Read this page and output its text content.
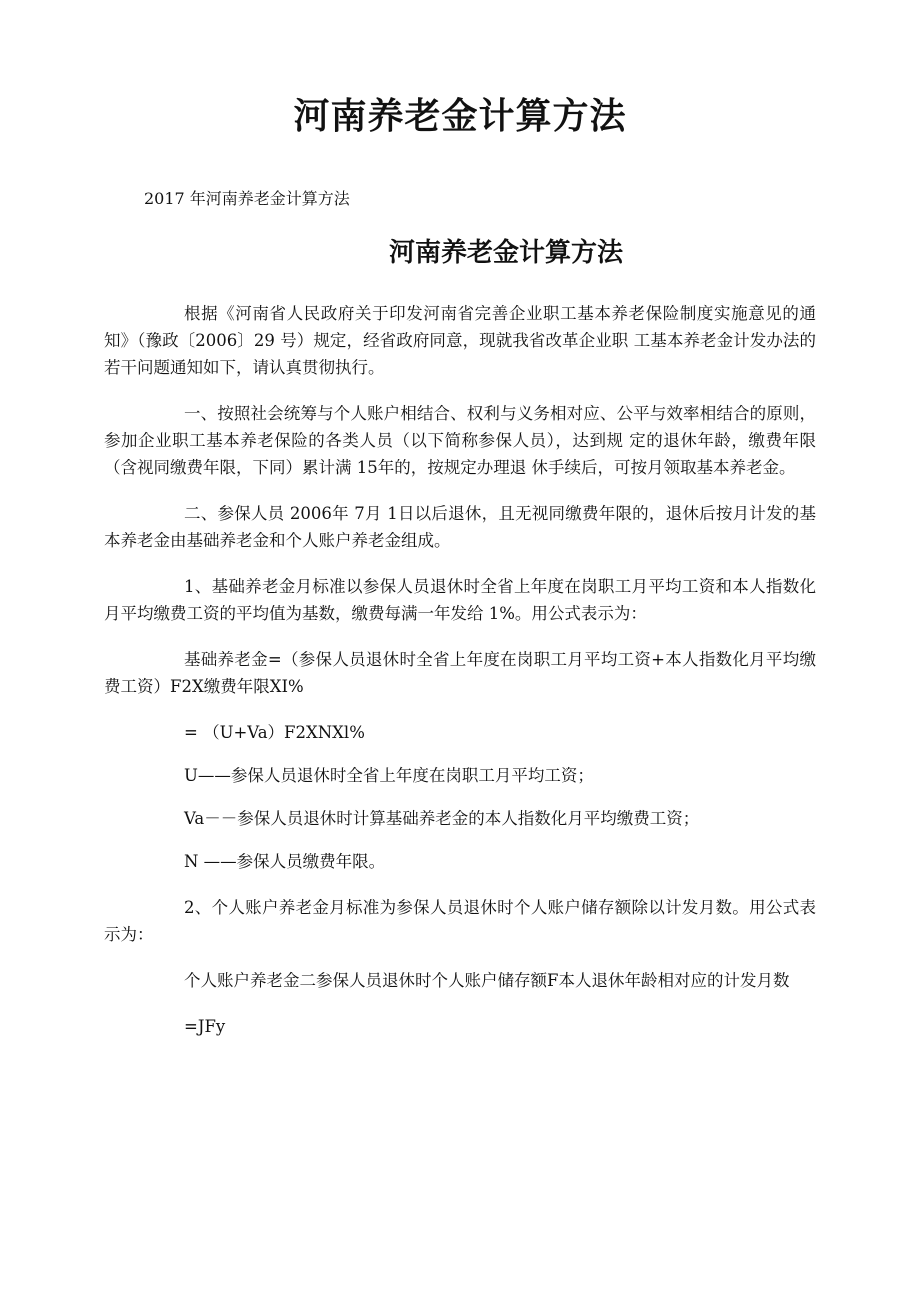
河南养老金计算方法

2017 年河南养老金计算方法

河南养老金计算方法

根据《河南省人民政府关于印发河南省完善企业职工基本养老保险制度实施意见的通知》（豫政〔2006〕29 号）规定，经省政府同意，现就我省改革企业职 工基本养老金计发办法的若干问题通知如下，请认真贯彻执行。

一、按照社会统筹与个人账户相结合、权利与义务相对应、公平与效率相结合的原则，参加企业职工基本养老保险的各类人员（以下简称参保人员），达到规 定的退休年龄，缴费年限（含视同缴费年限，下同）累计满 15年的，按规定办理退 休手续后，可按月领取基本养老金。

二、参保人员 2006年 7月 1日以后退休，且无视同缴费年限的，退休后按月计发的基本养老金由基础养老金和个人账户养老金组成。

1、基础养老金月标准以参保人员退休时全省上年度在岗职工月平均工资和本人指数化月平均缴费工资的平均值为基数，缴费每满一年发给 1%。用公式表示为：

基础养老金=（参保人员退休时全省上年度在岗职工月平均工资+本人指数化月平均缴费工资）F2X缴费年限XI%

= （U+Va）F2XNXl%

U——参保人员退休时全省上年度在岗职工月平均工资；

Va－－参保人员退休时计算基础养老金的本人指数化月平均缴费工资；

N ——参保人员缴费年限。

2、个人账户养老金月标准为参保人员退休时个人账户储存额除以计发月数。用公式表示为：

个人账户养老金二参保人员退休时个人账户储存额F本人退休年龄相对应的计发月数

=JFy
